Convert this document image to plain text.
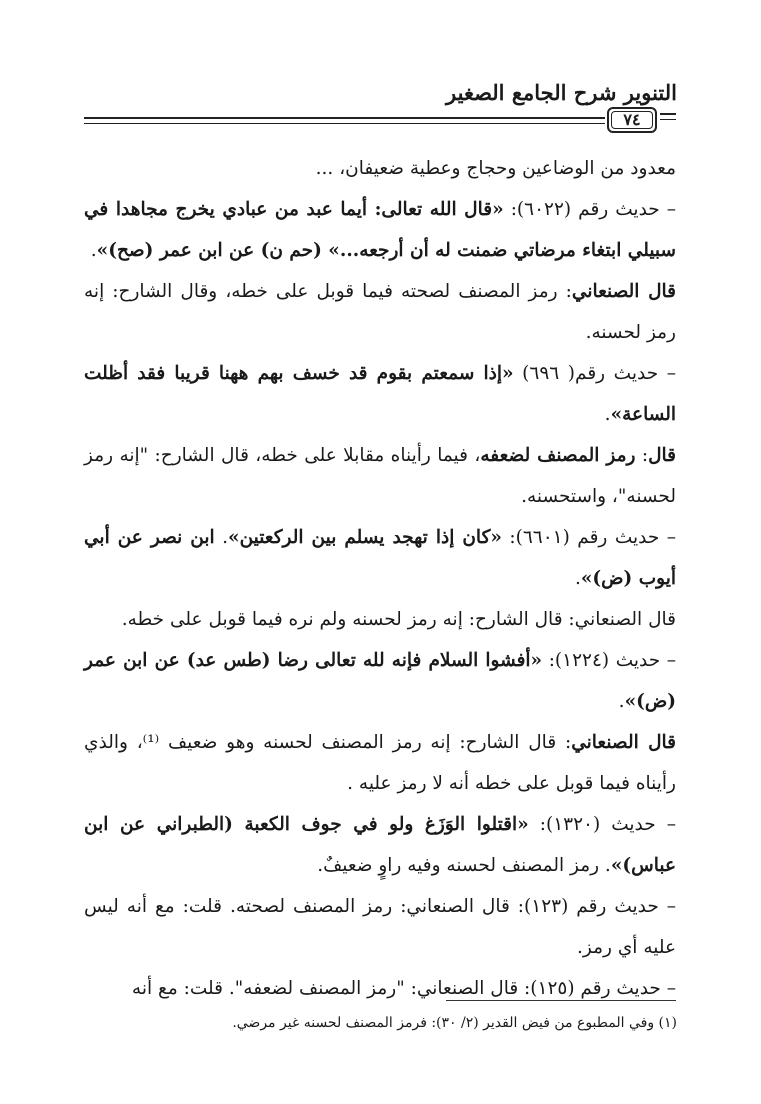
التنوير شرح الجامع الصغير
٧٤

معدود من الوضاعين وحجاج وعطية ضعيفان، ...

– حديث رقم (٦٠٢٢): «قال الله تعالى: أيما عبد من عبادي يخرج مجاهدا في سبيلي ابتغاء مرضاتي ضمنت له أن أرجعه...» (حم ن) عن ابن عمر (صح)».

قال الصنعاني: رمز المصنف لصحته فيما قوبل على خطه، وقال الشارح: إنه رمز لحسنه.

– حديث رقم( ٦٩٦) «إذا سمعتم بقوم قد خسف بهم ههنا قريبا فقد أظلت الساعة».

قال: رمز المصنف لضعفه، فيما رأيناه مقابلا على خطه، قال الشارح: "إنه رمز لحسنه"، واستحسنه.

– حديث رقم (٦٦٠١): «كان إذا تهجد يسلم بين الركعتين». ابن نصر عن أبي أيوب (ض)».

قال الصنعاني: قال الشارح: إنه رمز لحسنه ولم نره فيما قوبل على خطه.

– حديث (١٢٢٤): «أفشوا السلام فإنه لله تعالى رضا (طس عد) عن ابن عمر (ض)».

قال الصنعاني: قال الشارح: إنه رمز المصنف لحسنه وهو ضعيف ⁽¹⁾، والذي رأيناه فيما قوبل على خطه أنه لا رمز عليه .

– حديث (١٣٢٠): «اقتلوا الوَزَغ ولو في جوف الكعبة (الطبراني عن ابن عباس)». رمز المصنف لحسنه وفيه راوٍ ضعيفٌ.

– حديث رقم (١٢٣): قال الصنعاني: رمز المصنف لصحته. قلت: مع أنه ليس عليه أي رمز.

– حديث رقم (١٢٥): قال الصنعاني: "رمز المصنف لضعفه". قلت: مع أنه

(١) وفي المطبوع من فيض القدير (٢/ ٣٠): فرمز المصنف لحسنه غير مرضي.
